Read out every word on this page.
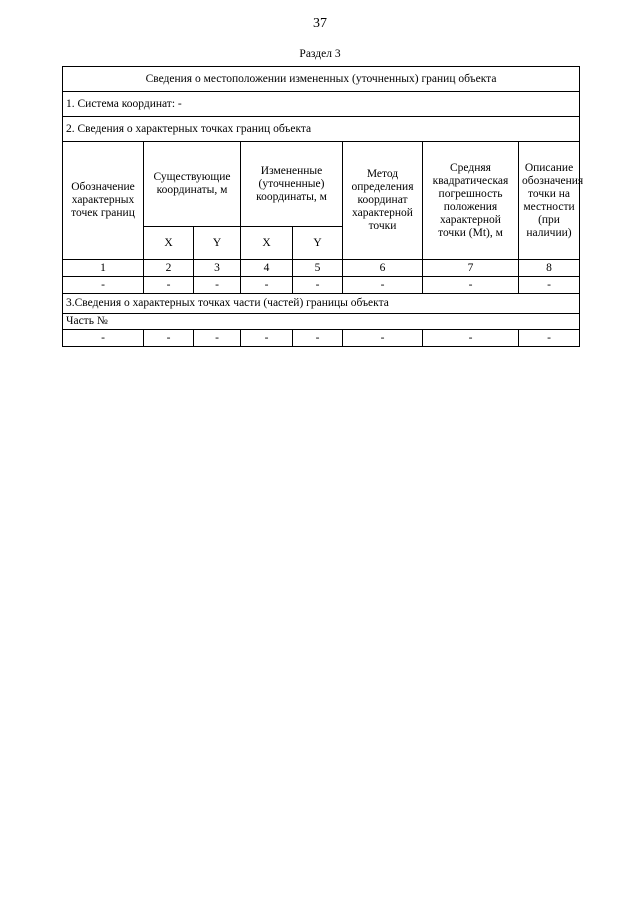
37
Раздел 3
Сведения о местоположении измененных (уточненных) границ объекта							
1. Система координат: -							
2. Сведения о характерных точках границ объекта							
Обозначение характерных точек границ	Существующие координаты, м		Измененные (уточненные) координаты, м		Метод определения координат характерной точки	Средняя квадратическая погрешность положения характерной точки (Mt), м	Описание обозначения точки на местности (при наличии)
	X	Y	X	Y			
1	2	3	4	5	6	7	8
-	-	-	-	-	-	-	-
3.Сведения о характерных точках части (частей) границы объекта							
Часть №							
-	-	-	-	-	-	-	-
